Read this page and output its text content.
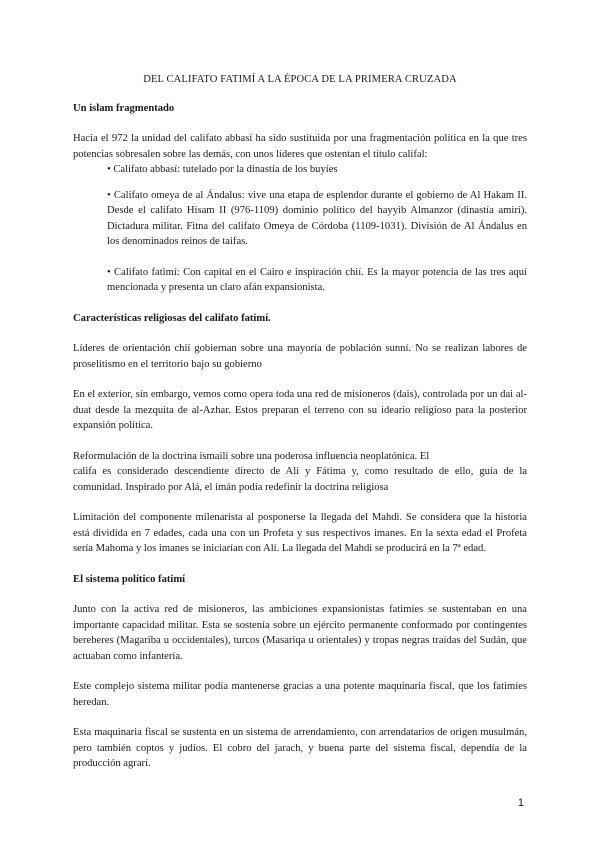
DEL CALIFATO FATIMÍ A LA ÉPOCA DE LA PRIMERA CRUZADA
Un islam fragmentado

Hacia el 972 la unidad del califato abbasí ha sido sustituida por una fragmentación política en la que tres potencias sobresalen sobre las demás, con unos líderes que ostentan el título califal:

• Califato abbasí: tutelado por la dinastía de los buyíes
• Califato omeya de al Ándalus: vive una etapa de esplendor durante el gobierno de Al Hakam II. Desde el califato Hisam II (976-1109) dominio político del hayyib Almanzor (dinastía amirí). Dictadura militar. Fitna del califato Omeya de Córdoba (1109-1031). División de Al Ándalus en los denominados reinos de taifas.
• Califato fatimí: Con capital en el Cairo e inspiración chií. Es la mayor potencia de las tres aquí mencionada y presenta un claro afán expansionista.
Características religiosas del califato fatimí.

Líderes de orientación chií gobiernan sobre una mayoría de población sunní. No se realizan labores de proselitismo en el territorio bajo su gobierno

En el exterior, sin embargo, vemos como opera toda una red de misioneros (dais), controlada por un dai al-duat desde la mezquita de al-Azhar. Estos preparan el terreno con su ideario religioso para la posterior expansión política.

Reformulación de la doctrina ismailí sobre una poderosa influencia neoplatónica. El

califa es considerado descendiente directo de Alí y Fátima y, como resultado de ello, guía de la comunidad. Inspirado por Alá, el imán podía redefinir la doctrina religiosa

Limitación del componente milenarista al posponerse la llegada del Mahdi. Se considera que la historia está dividida en 7 edades, cada una con un Profeta y sus respectivos imanes. En la sexta edad el Profeta sería Mahoma y los imanes se iniciarían con Alí. La llegada del Mahdi se producirá en la 7ª edad.

El sistema político fatimí

Junto con la activa red de misioneros, las ambiciones expansionistas fatimíes se sustentaban en una importante capacidad militar. Esta se sostenía sobre un ejército permanente conformado por contingentes bereberes (Magariba u occidentales), turcos (Masariqa u orientales) y tropas negras traídas del Sudán, que actuaban como infantería.

Este complejo sistema militar podía mantenerse gracias a una potente maquinaria fiscal, que los fatimíes heredan.

Esta maquinaria fiscal se sustenta en un sistema de arrendamiento, con arrendatarios de origen musulmán, pero también coptos y judíos. El cobro del jarach, y buena parte del sistema fiscal, dependía de la producción agrarí.

1
